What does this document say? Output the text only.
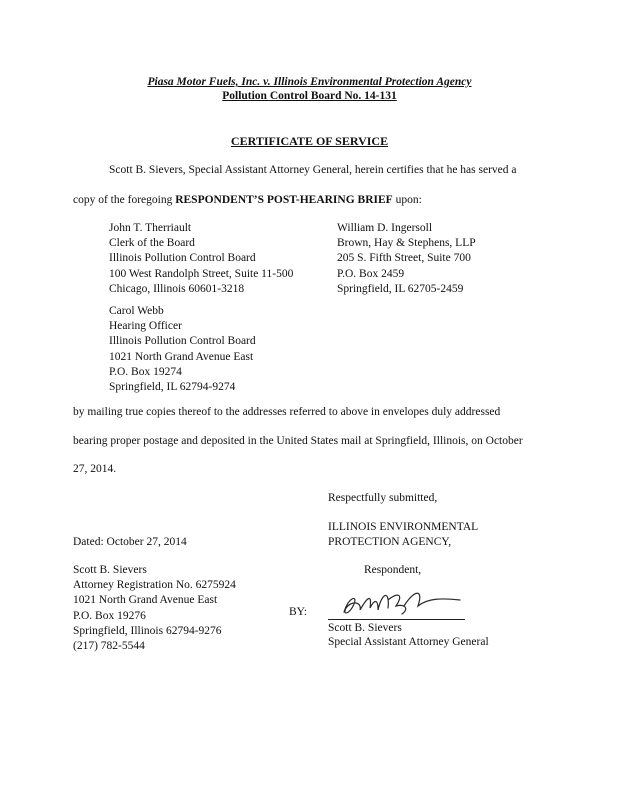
Piasa Motor Fuels, Inc. v. Illinois Environmental Protection Agency
Pollution Control Board No. 14-131
CERTIFICATE OF SERVICE
Scott B. Sievers, Special Assistant Attorney General, herein certifies that he has served a
copy of the foregoing RESPONDENT’S POST-HEARING BRIEF upon:
John T. Therriault
Clerk of the Board
Illinois Pollution Control Board
100 West Randolph Street, Suite 11-500
Chicago, Illinois 60601-3218
William D. Ingersoll
Brown, Hay & Stephens, LLP
205 S. Fifth Street, Suite 700
P.O. Box 2459
Springfield, IL 62705-2459
Carol Webb
Hearing Officer
Illinois Pollution Control Board
1021 North Grand Avenue East
P.O. Box 19274
Springfield, IL 62794-9274
by mailing true copies thereof to the addresses referred to above in envelopes duly addressed
bearing proper postage and deposited in the United States mail at Springfield, Illinois, on October
27, 2014.
Respectfully submitted,
ILLINOIS ENVIRONMENTAL
PROTECTION AGENCY,
Dated: October 27, 2014
Respondent,
Scott B. Sievers
Attorney Registration No. 6275924
1021 North Grand Avenue East
P.O. Box 19276
Springfield, Illinois 62794-9276
(217) 782-5544
BY:
Scott B. Sievers
Special Assistant Attorney General
